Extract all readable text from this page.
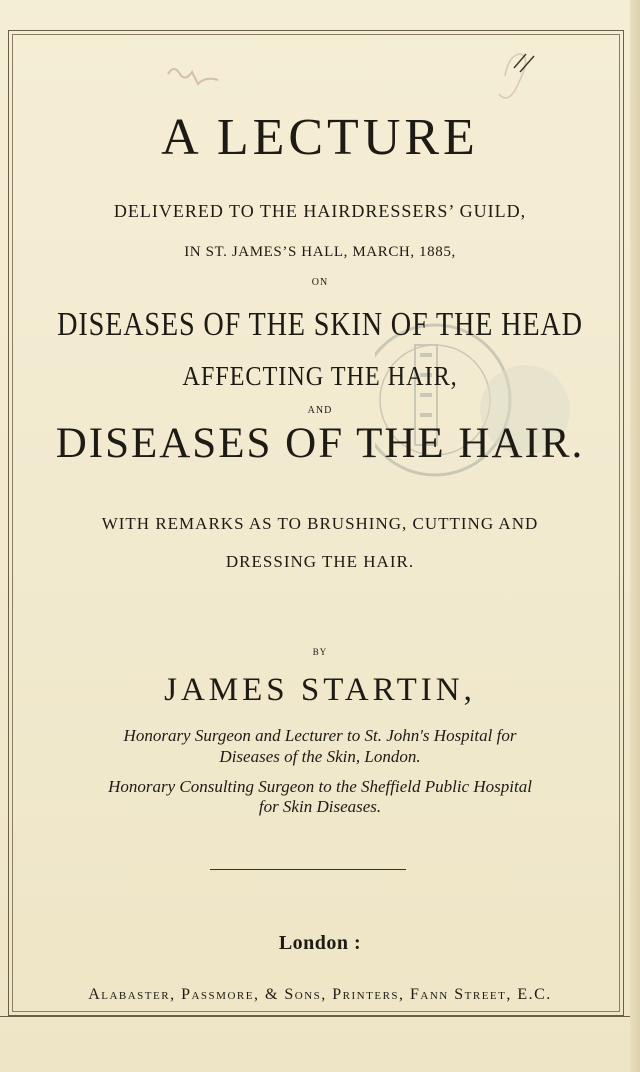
A LECTURE
DELIVERED TO THE HAIRDRESSERS’ GUILD,
IN ST. JAMES’S HALL, MARCH, 1885,
ON
DISEASES OF THE SKIN OF THE HEAD
AFFECTING THE HAIR,
AND
DISEASES OF THE HAIR.
WITH REMARKS AS TO BRUSHING, CUTTING AND
DRESSING THE HAIR.
BY
JAMES STARTIN,
Honorary Surgeon and Lecturer to St. John's Hospital for
Diseases of the Skin, London.
Honorary Consulting Surgeon to the Sheffield Public Hospital
for Skin Diseases.
London :
Alabaster, Passmore, & Sons, Printers, Fann Street, E.C.
